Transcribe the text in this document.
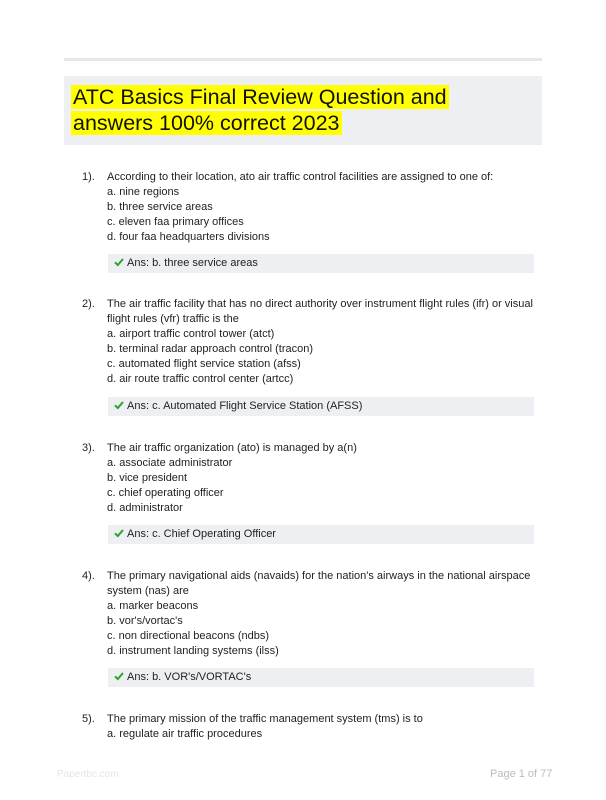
ATC Basics Final Review Question and answers 100% correct 2023
1). According to their location, ato air traffic control facilities are assigned to one of:
a. nine regions
b. three service areas
c. eleven faa primary offices
d. four faa headquarters divisions
Ans: b. three service areas
2). The air traffic facility that has no direct authority over instrument flight rules (ifr) or visual flight rules (vfr) traffic is the
a. airport traffic control tower (atct)
b. terminal radar approach control (tracon)
c. automated flight service station (afss)
d. air route traffic control center (artcc)
Ans: c. Automated Flight Service Station (AFSS)
3). The air traffic organization (ato) is managed by a(n)
a. associate administrator
b. vice president
c. chief operating officer
d. administrator
Ans: c. Chief Operating Officer
4). The primary navigational aids (navaids) for the nation's airways in the national airspace system (nas) are
a. marker beacons
b. vor's/vortac's
c. non directional beacons (ndbs)
d. instrument landing systems (ilss)
Ans: b. VOR's/VORTAC's
5). The primary mission of the traffic management system (tms) is to
a. regulate air traffic procedures
Papertbc.com	Page 1 of 77
